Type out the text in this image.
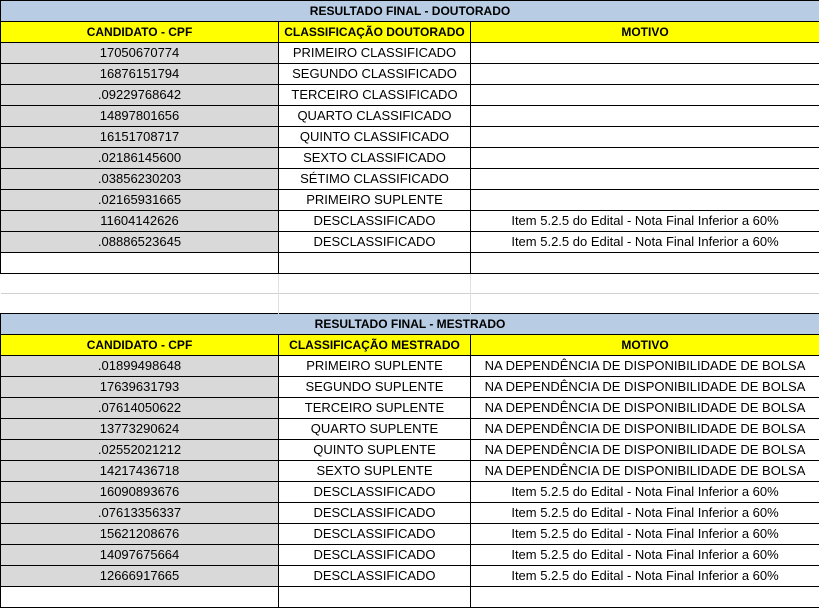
RESULTADO FINAL - DOUTORADO		
CANDIDATO - CPF	CLASSIFICAÇÃO DOUTORADO	MOTIVO
17050670774	PRIMEIRO CLASSIFICADO	
16876151794	SEGUNDO CLASSIFICADO	
.09229768642	TERCEIRO CLASSIFICADO	
14897801656	QUARTO CLASSIFICADO	
16151708717	QUINTO CLASSIFICADO	
.02186145600	SEXTO CLASSIFICADO	
.03856230203	SÉTIMO CLASSIFICADO	
.02165931665	PRIMEIRO SUPLENTE	
11604142626	DESCLASSIFICADO	Item 5.2.5 do Edital - Nota Final Inferior a 60%
.08886523645	DESCLASSIFICADO	Item 5.2.5 do Edital - Nota Final Inferior a 60%

RESULTADO FINAL - MESTRADO		
CANDIDATO - CPF	CLASSIFICAÇÃO MESTRADO	MOTIVO
.01899498648	PRIMEIRO SUPLENTE	NA DEPENDÊNCIA DE DISPONIBILIDADE DE BOLSA
17639631793	SEGUNDO SUPLENTE	NA DEPENDÊNCIA DE DISPONIBILIDADE DE BOLSA
.07614050622	TERCEIRO SUPLENTE	NA DEPENDÊNCIA DE DISPONIBILIDADE DE BOLSA
13773290624	QUARTO SUPLENTE	NA DEPENDÊNCIA DE DISPONIBILIDADE DE BOLSA
.02552021212	QUINTO SUPLENTE	NA DEPENDÊNCIA DE DISPONIBILIDADE DE BOLSA
14217436718	SEXTO SUPLENTE	NA DEPENDÊNCIA DE DISPONIBILIDADE DE BOLSA
16090893676	DESCLASSIFICADO	Item 5.2.5 do Edital - Nota Final Inferior a 60%
.07613356337	DESCLASSIFICADO	Item 5.2.5 do Edital - Nota Final Inferior a 60%
15621208676	DESCLASSIFICADO	Item 5.2.5 do Edital - Nota Final Inferior a 60%
14097675664	DESCLASSIFICADO	Item 5.2.5 do Edital - Nota Final Inferior a 60%
12666917665	DESCLASSIFICADO	Item 5.2.5 do Edital - Nota Final Inferior a 60%
